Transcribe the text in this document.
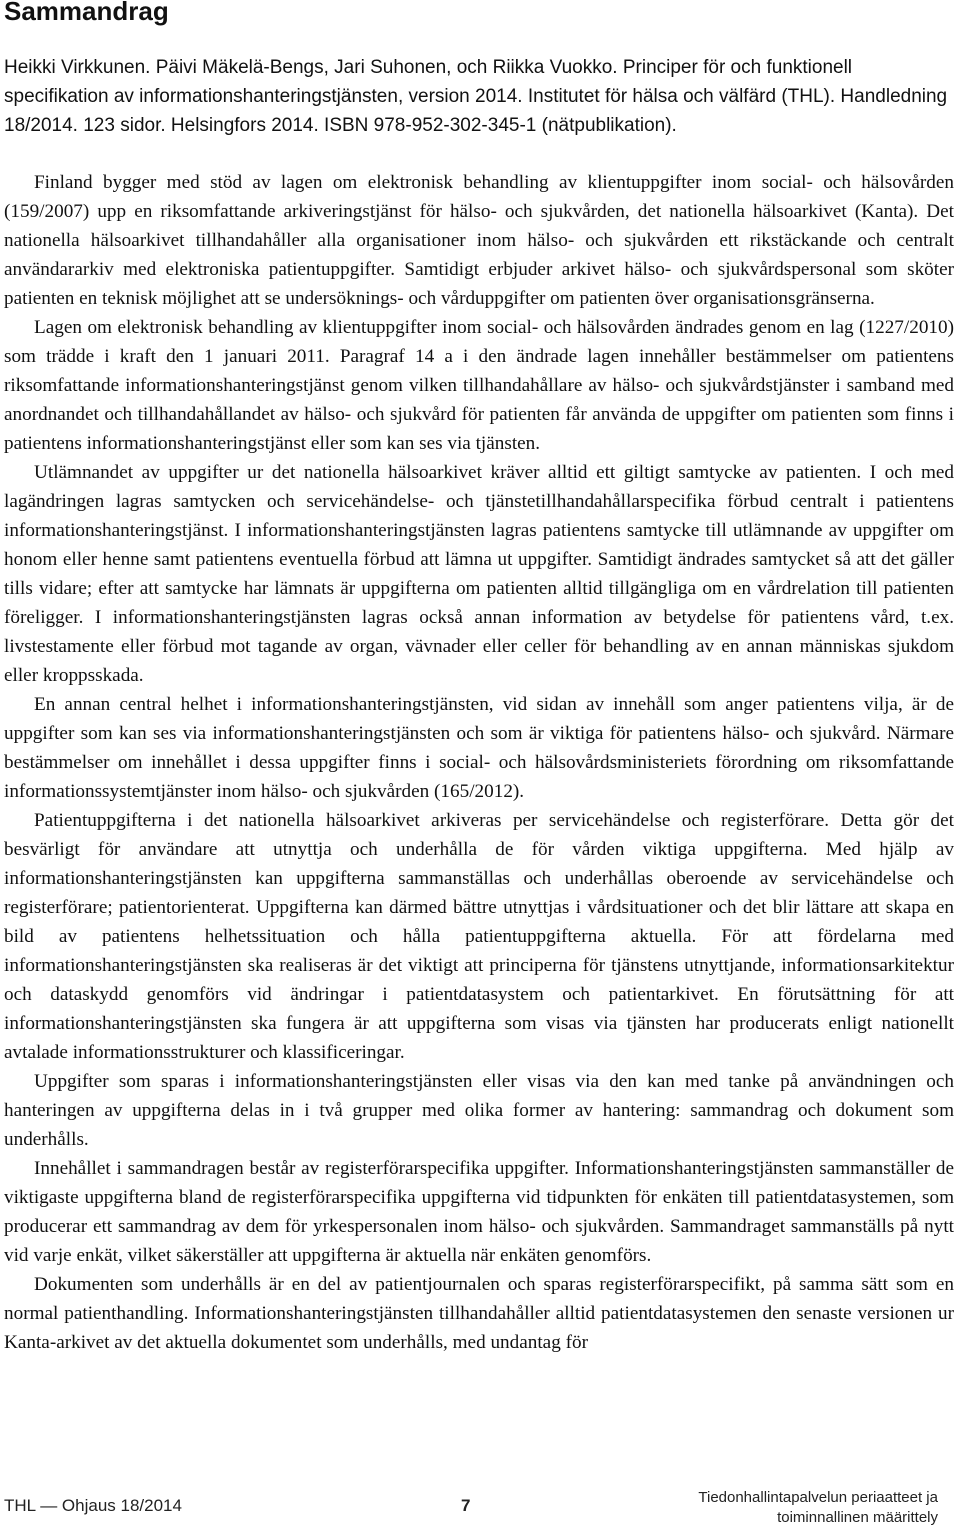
Sammandrag

Heikki Virkkunen. Päivi Mäkelä-Bengs, Jari Suhonen, och Riikka Vuokko. Principer för och funktionell specifikation av informationshanteringstjänsten, version 2014. Institutet för hälsa och välfärd (THL). Handledning 18/2014. 123 sidor. Helsingfors 2014. ISBN 978-952-302-345-1 (nätpublikation).

Finland bygger med stöd av lagen om elektronisk behandling av klientuppgifter inom social- och hälsovården (159/2007) upp en riksomfattande arkiveringstjänst för hälso- och sjukvården, det nationella hälsoarkivet (Kanta). Det nationella hälsoarkivet tillhandahåller alla organisationer inom hälso- och sjukvården ett rikstäckande och centralt användararkiv med elektroniska patientuppgifter. Samtidigt erbjuder arkivet hälso- och sjukvårdspersonal som sköter patienten en teknisk möjlighet att se undersöknings- och vårduppgifter om patienten över organisationsgränserna.

Lagen om elektronisk behandling av klientuppgifter inom social- och hälsovården ändrades genom en lag (1227/2010) som trädde i kraft den 1 januari 2011. Paragraf 14 a i den ändrade lagen innehåller bestämmelser om patientens riksomfattande informationshanteringstjänst genom vilken tillhandahållare av hälso- och sjukvårdstjänster i samband med anordnandet och tillhandahållandet av hälso- och sjukvård för patienten får använda de uppgifter om patienten som finns i patientens informationshanteringstjänst eller som kan ses via tjänsten.

Utlämnandet av uppgifter ur det nationella hälsoarkivet kräver alltid ett giltigt samtycke av patienten. I och med lagändringen lagras samtycken och servicehändelse- och tjänstetillhandahållarspecifika förbud centralt i patientens informationshanteringstjänst. I informationshanteringstjänsten lagras patientens samtycke till utlämnande av uppgifter om honom eller henne samt patientens eventuella förbud att lämna ut uppgifter. Samtidigt ändrades samtycket så att det gäller tills vidare; efter att samtycke har lämnats är uppgifterna om patienten alltid tillgängliga om en vårdrelation till patienten föreligger. I informationshanteringstjänsten lagras också annan information av betydelse för patientens vård, t.ex. livstestamente eller förbud mot tagande av organ, vävnader eller celler för behandling av en annan människas sjukdom eller kroppsskada.

En annan central helhet i informationshanteringstjänsten, vid sidan av innehåll som anger patientens vilja, är de uppgifter som kan ses via informationshanteringstjänsten och som är viktiga för patientens hälso- och sjukvård. Närmare bestämmelser om innehållet i dessa uppgifter finns i social- och hälsovårdsministeriets förordning om riksomfattande informationssystemtjänster inom hälso- och sjukvården (165/2012).

Patientuppgifterna i det nationella hälsoarkivet arkiveras per servicehändelse och registerförare. Detta gör det besvärligt för användare att utnyttja och underhålla de för vården viktiga uppgifterna. Med hjälp av informationshanteringstjänsten kan uppgifterna sammanställas och underhållas oberoende av servicehändelse och registerförare; patientorienterat. Uppgifterna kan därmed bättre utnyttjas i vårdsituationer och det blir lättare att skapa en bild av patientens helhetssituation och hålla patientuppgifterna aktuella. För att fördelarna med informationshanteringstjänsten ska realiseras är det viktigt att principerna för tjänstens utnyttjande, informationsarkitektur och dataskydd genomförs vid ändringar i patientdatasystem och patientarkivet. En förutsättning för att informationshanteringstjänsten ska fungera är att uppgifterna som visas via tjänsten har producerats enligt nationellt avtalade informationsstrukturer och klassificeringar.

Uppgifter som sparas i informationshanteringstjänsten eller visas via den kan med tanke på användningen och hanteringen av uppgifterna delas in i två grupper med olika former av hantering: sammandrag och dokument som underhålls.

Innehållet i sammandragen består av registerförarspecifika uppgifter. Informationshanteringstjänsten sammanställer de viktigaste uppgifterna bland de registerförarspecifika uppgifterna vid tidpunkten för enkäten till patientdatasystemen, som producerar ett sammandrag av dem för yrkespersonalen inom hälso- och sjukvården. Sammandraget sammanställs på nytt vid varje enkät, vilket säkerställer att uppgifterna är aktuella när enkäten genomförs.

Dokumenten som underhålls är en del av patientjournalen och sparas registerförarspecifikt, på samma sätt som en normal patienthandling. Informationshanteringstjänsten tillhandahåller alltid patientdatasystemen den senaste versionen ur Kanta-arkivet av det aktuella dokumentet som underhålls, med undantag för

THL — Ohjaus 18/2014	7	Tiedonhallintapalvelun periaatteet ja
toiminnallinen määrittely
